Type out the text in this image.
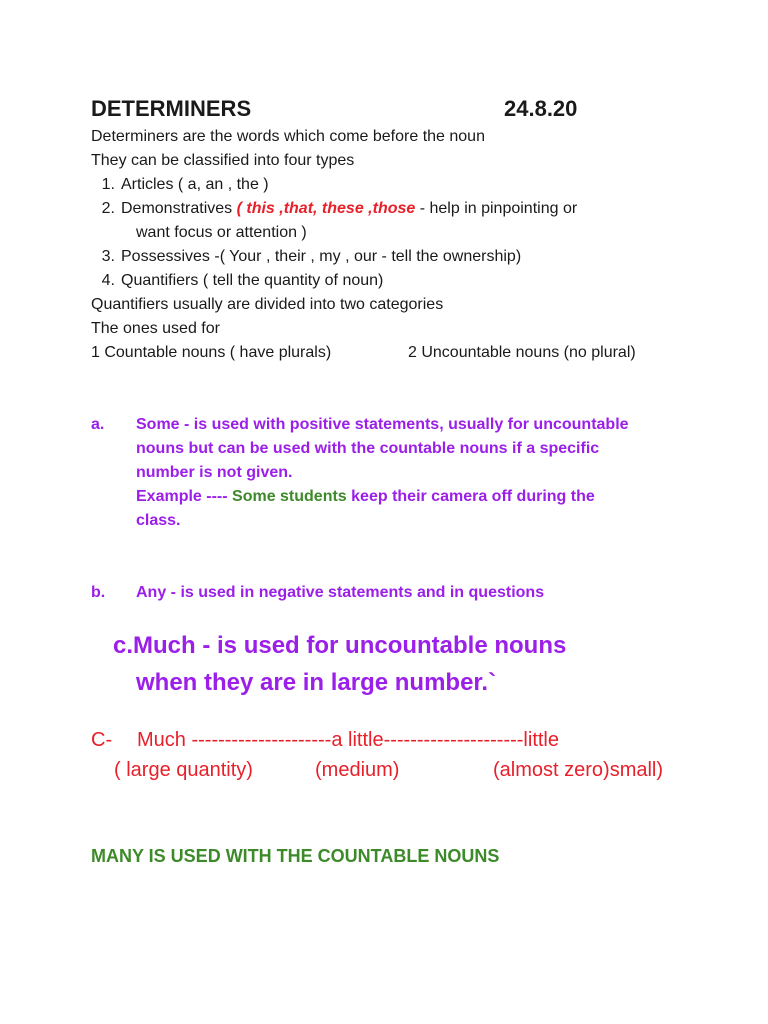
DETERMINERS	24.8.20
Determiners are the words which come before the noun
They can be classified into four types
1. Articles ( a, an , the )
2. Demonstratives ( this ,that, these ,those - help in pinpointing or
want focus or attention )
3. Possessives -( Your , their , my , our - tell the ownership)
4. Quantifiers ( tell the quantity of noun)
Quantifiers usually are divided into two categories
The ones used for
1 Countable nouns ( have plurals)	2 Uncountable nouns (no plural)
a. Some - is used with positive statements, usually for uncountable
nouns but can be used with the countable nouns if a specific
number is not given.
Example ---- Some students keep their camera off during the
class.
b. Any - is used in negative statements and in questions
c.Much - is used for uncountable nouns
when they are in large number.`
C- Much ---------------------a little---------------------little
( large quantity)	(medium)	(almost zero)small)
MANY IS USED WITH THE COUNTABLE NOUNS
